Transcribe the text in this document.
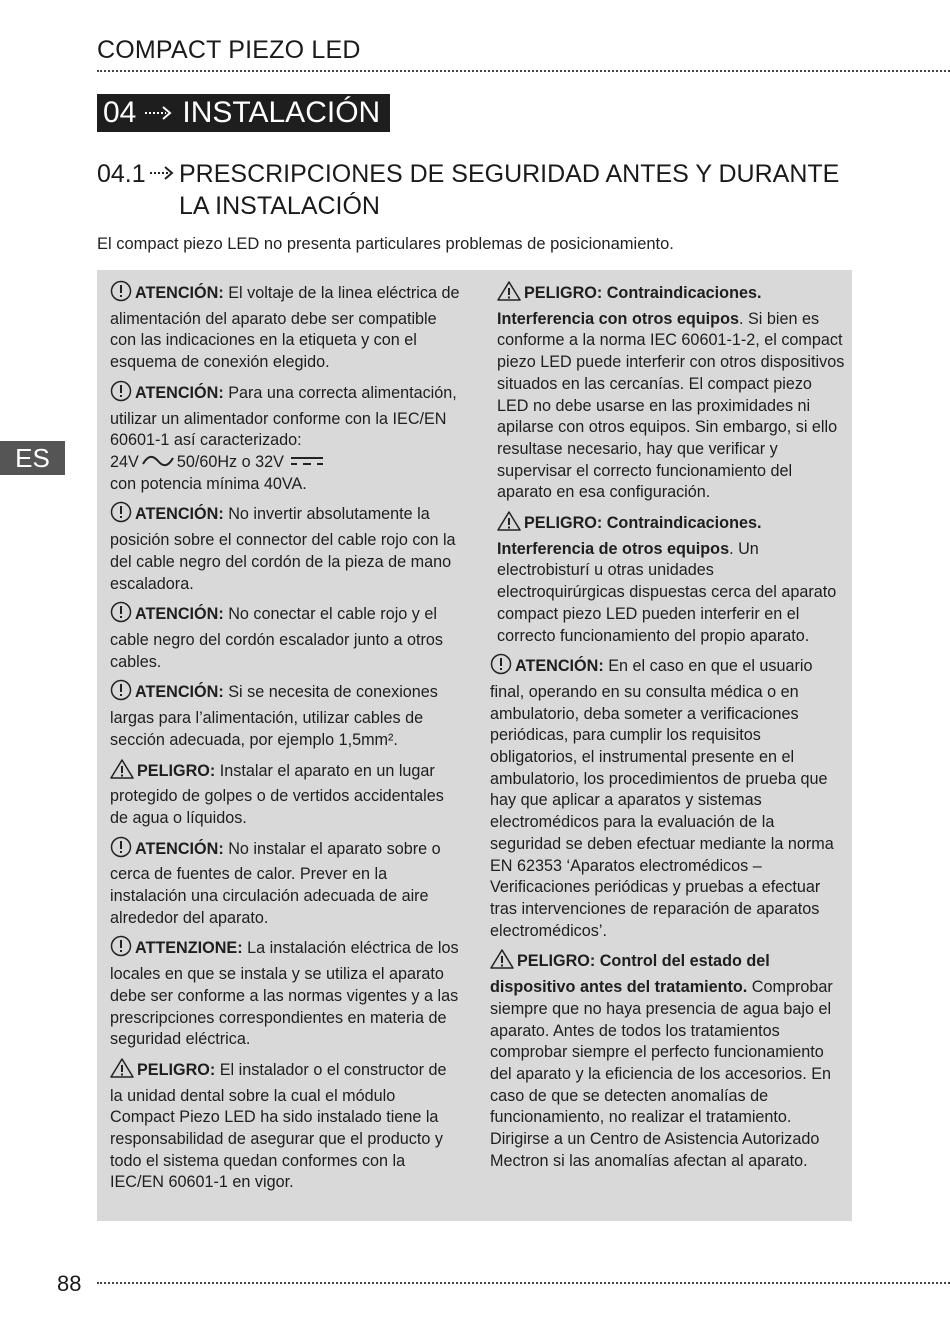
COMPACT PIEZO LED
04 INSTALACIÓN
04.1 PRESCRIPCIONES DE SEGURIDAD ANTES Y DURANTE
LA INSTALACIÓN
El compact piezo LED no presenta particulares problemas de posicionamiento.
ES

ATENCIÓN: El voltaje de la linea eléctrica de alimentación del aparato debe ser compatible con las indicaciones en la etiqueta y con el esquema de conexión elegido.

ATENCIÓN: Para una correcta alimentación, utilizar un alimentador conforme con la IEC/EN 60601-1 así caracterizado:

24V 50/60Hz o 32V

con potencia mínima 40VA.

ATENCIÓN: No invertir absolutamente la posición sobre el connector del cable rojo con la del cable negro del cordón de la pieza de mano escaladora.

ATENCIÓN: No conectar el cable rojo y el cable negro del cordón escalador junto a otros cables.

ATENCIÓN: Si se necesita de conexiones largas para l’alimentación, utilizar cables de sección adecuada, por ejemplo 1,5mm².

PELIGRO: Instalar el aparato en un lugar protegido de golpes o de vertidos accidentales de agua o líquidos.

ATENCIÓN: No instalar el aparato sobre o cerca de fuentes de calor. Prever en la instalación una circulación adecuada de aire alrededor del aparato.

ATTENZIONE: La instalación eléctrica de los locales en que se instala y se utiliza el aparato debe ser conforme a las normas vigentes y a las prescripciones correspondientes en materia de seguridad eléctrica.

PELIGRO: El instalador o el constructor de la unidad dental sobre la cual el módulo Compact Piezo LED ha sido instalado tiene la responsabilidad de asegurar que el producto y todo el sistema quedan conformes con la IEC/EN 60601-1 en vigor.

PELIGRO: Contraindicaciones. Interferencia con otros equipos. Si bien es conforme a la norma IEC 60601-1-2, el compact piezo LED puede interferir con otros dispositivos situados en las cercanías. El compact piezo LED no debe usarse en las proximidades ni apilarse con otros equipos. Sin embargo, si ello resultase necesario, hay que verificar y supervisar el correcto funcionamiento del aparato en esa configuración.

PELIGRO: Contraindicaciones. Interferencia de otros equipos. Un electrobisturí u otras unidades electroquirúrgicas dispuestas cerca del aparato compact piezo LED pueden interferir en el correcto funcionamiento del propio aparato.

ATENCIÓN: En el caso en que el usuario final, operando en su consulta médica o en ambulatorio, deba someter a verificaciones periódicas, para cumplir los requisitos obligatorios, el instrumental presente en el ambulatorio, los procedimientos de prueba que hay que aplicar a aparatos y sistemas electromédicos para la evaluación de la seguridad se deben efectuar mediante la norma EN 62353 ‘Aparatos electromédicos – Verificaciones periódicas y pruebas a efectuar tras intervenciones de reparación de aparatos electromédicos’.

PELIGRO: Control del estado del dispositivo antes del tratamiento. Comprobar siempre que no haya presencia de agua bajo el aparato. Antes de todos los tratamientos comprobar siempre el perfecto funcionamiento del aparato y la eficiencia de los accesorios. En caso de que se detecten anomalías de funcionamiento, no realizar el tratamiento. Dirigirse a un Centro de Asistencia Autorizado Mectron si las anomalías afectan al aparato.

88
